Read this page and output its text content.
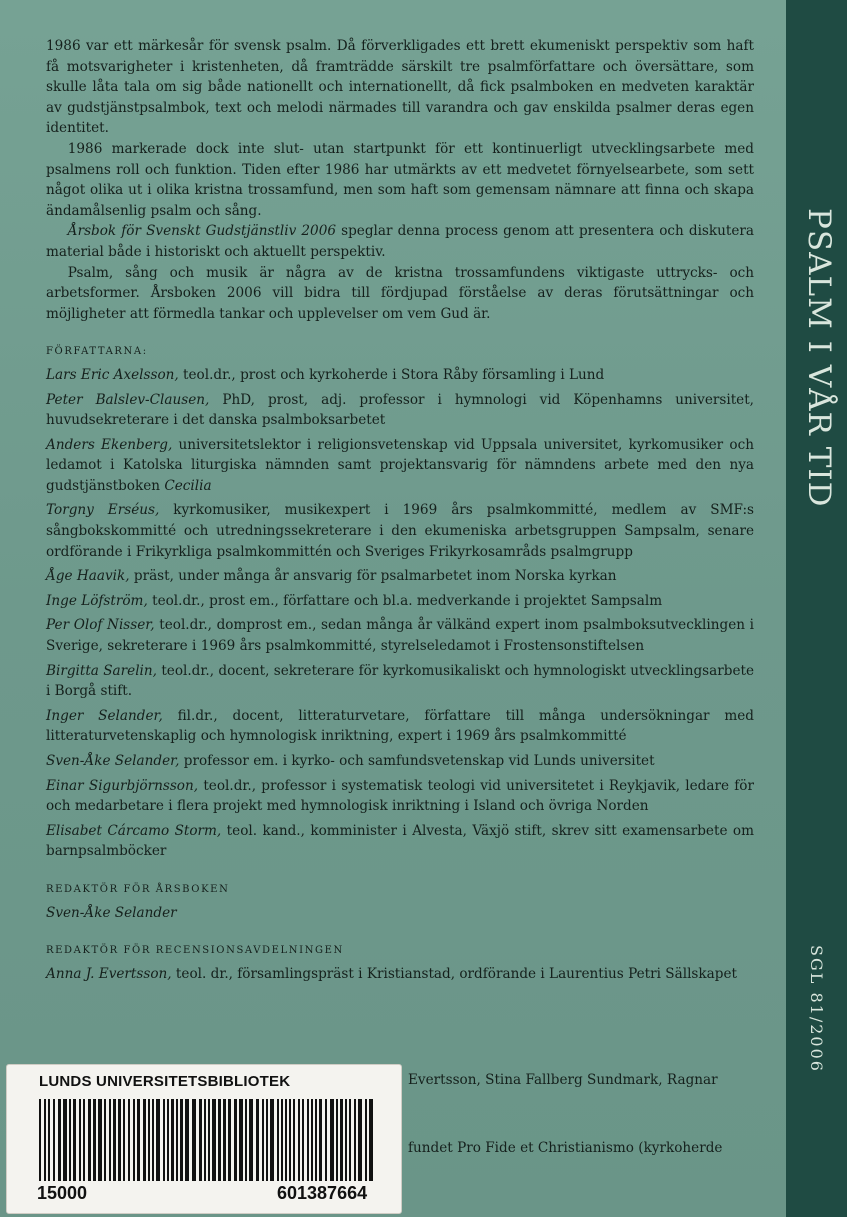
PSALM I VÅR TID
SGL 81/2006

1986 var ett märkesår för svensk psalm. Då förverkligades ett brett ekumeniskt perspektiv som haft få motsvarigheter i kristenheten, då framträdde särskilt tre psalmförfattare och översättare, som skulle låta tala om sig både nationellt och internationellt, då fick psalmboken en medveten karaktär av gudstjänstpsalmbok, text och melodi närmades till varandra och gav enskilda psalmer deras egen identitet.

1986 markerade dock inte slut- utan startpunkt för ett kontinuerligt utvecklingsarbete med psalmens roll och funktion. Tiden efter 1986 har utmärkts av ett medvetet förnyelsearbete, som sett något olika ut i olika kristna trossamfund, men som haft som gemensam nämnare att finna och skapa ändamålsenlig psalm och sång.

Årsbok för Svenskt Gudstjänstliv 2006 speglar denna process genom att presentera och diskutera material både i historiskt och aktuellt perspektiv.

Psalm, sång och musik är några av de kristna trossamfundens viktigaste uttrycks- och arbetsformer. Årsboken 2006 vill bidra till fördjupad förståelse av deras förutsättningar och möjligheter att förmedla tankar och upplevelser om vem Gud är.

FÖRFATTARNA:

Lars Eric Axelsson, teol.dr., prost och kyrkoherde i Stora Råby församling i Lund

Peter Balslev-Clausen, PhD, prost, adj. professor i hymnologi vid Köpenhamns universitet, huvudsekreterare i det danska psalmboksarbetet

Anders Ekenberg, universitetslektor i religionsvetenskap vid Uppsala universitet, kyrkomusiker och ledamot i Katolska liturgiska nämnden samt projektansvarig för nämndens arbete med den nya gudstjänstboken Cecilia

Torgny Erséus, kyrkomusiker, musikexpert i 1969 års psalmkommitté, medlem av SMF:s sångbokskommitté och utredningssekreterare i den ekumeniska arbetsgruppen Sampsalm, senare ordförande i Frikyrkliga psalmkommittén och Sveriges Frikyrkosamråds psalmgrupp

Åge Haavik, präst, under många år ansvarig för psalmarbetet inom Norska kyrkan

Inge Löfström, teol.dr., prost em., författare och bl.a. medverkande i projektet Sampsalm

Per Olof Nisser, teol.dr., domprost em., sedan många år välkänd expert inom psalmboksutvecklingen i Sverige, sekreterare i 1969 års psalmkommitté, styrelseledamot i Frostensonstiftelsen

Birgitta Sarelin, teol.dr., docent, sekreterare för kyrkomusikaliskt och hymnologiskt utvecklingsarbete i Borgå stift.

Inger Selander, fil.dr., docent, litteraturvetare, författare till många undersökningar med litteraturvetenskaplig och hymnologisk inriktning, expert i 1969 års psalmkommitté

Sven-Åke Selander, professor em. i kyrko- och samfundsvetenskap vid Lunds universitet

Einar Sigurbjörnsson, teol.dr., professor i systematisk teologi vid universitetet i Reykjavik, ledare för och medarbetare i flera projekt med hymnologisk inriktning i Island och övriga Norden

Elisabet Cárcamo Storm, teol. kand., komminister i Alvesta, Växjö stift, skrev sitt examensarbete om barnpsalmböcker

REDAKTÖR FÖR ÅRSBOKEN

Sven-Åke Selander

REDAKTÖR FÖR RECENSIONSAVDELNINGEN

Anna J. Evertsson, teol. dr., församlingspräst i Kristianstad, ordförande i Laurentius Petri Sällskapet

Evertsson, Stina Fallberg Sundmark, Ragnar
fundet Pro Fide et Christianismo (kyrkoherde
LUNDS UNIVERSITETSBIBLIOTEK
15000	601387664
